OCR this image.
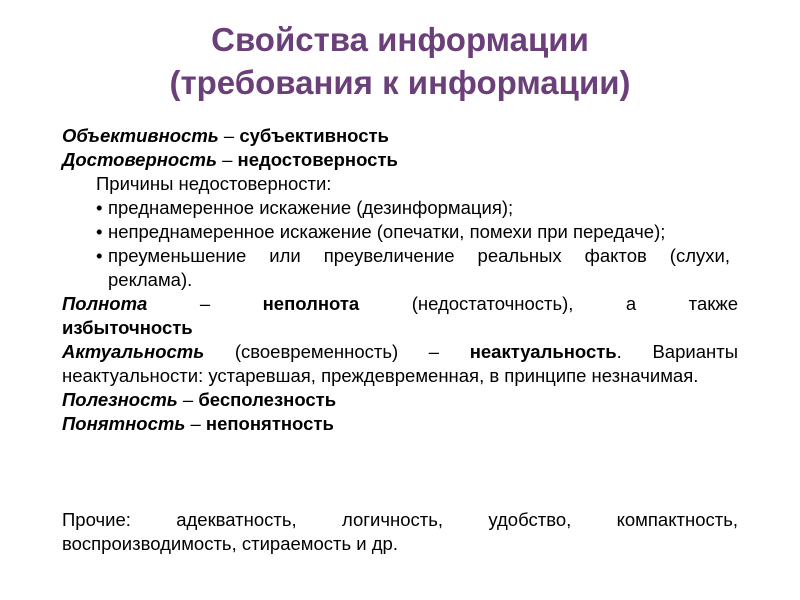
Свойства информации
(требования к информации)
Объективность – субъективность
Достоверность – недостоверность
Причины недостоверности:
• преднамеренное искажение (дезинформация);
• непреднамеренное искажение (опечатки, помехи при передаче);
• преуменьшение или преувеличение реальных фактов (слухи, реклама).
Полнота – неполнота (недостаточность), а также
избыточность
Актуальность (своевременность) – неактуальность. Варианты неактуальности: устаревшая, преждевременная, в принципе незначимая.
Полезность – бесполезность
Понятность – непонятность
Прочие: адекватность, логичность, удобство, компактность, воспроизводимость, стираемость и др.
